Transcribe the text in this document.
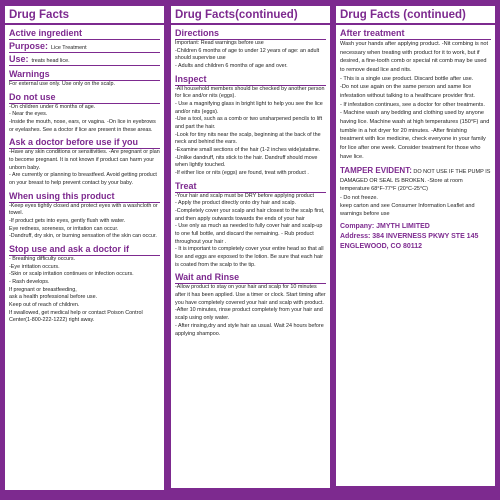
Drug Facts
Active ingredient
Purpose: Lice Treatment
Use: treats head lice.
Warnings

For external use only. Use only on the scalp.

Do not use

-On children under 6 months of age.

- Near the eyes.

-Inside the mouth, nose, ears, or vagina. -On lice in eyebrows or eyelashes. See a doctor if lice are present in these areas.

Ask a doctor before use if you

-Have any skin conditions or sensitivities. -Are pregnant or plan to become pregnant. It is not known if product can harm your unborn baby.

- Are currently or planning to breastfeed. Avoid getting product on your breast to help prevent contact by your baby.

When using this product

-Keep eyes tightly closed and protect eyes with a washcloth or towel.

-If product gets into eyes, gently flush with water.

Eye redness, soreness, or irritation can occur.

-Dandruff, dry skin, or burning sensation of the skin can occur.

Stop use and ask a doctor if

- Breathing difficulty occurs.

-Eye irritation occurs.

-Skin or scalp irritation continues or infection occurs.

- Rash develops.

If pregnant or breastfeeding,

ask a health professional before use.

Keep out of reach of children.

If swallowed, get medical help or contact Poison Control Center(1-800-222-1222) right away.

Drug Facts(continued)
Directions

Important: Read warnings before use

-Children 6 months of age to under 12 years of age: an adult should supervise use

- Adults and children 6 months of age and over.

Inspect

-All household members should be checked by another person for lice and/or nits (eggs).

- Use a magnifying glass in bright light to help you see the lice and/or nits (eggs).

-Use a tool, such as a comb or two unsharpened pencils to lift and part the hair.

-Look for tiny nits near the scalp, beginning at the back of the neck and behind the ears.

-Examine small sections of the hair (1-2 inches wide)atatime.

-Unlike dandruff, nits stick to the hair. Dandruff should move when lightly touched.

-If either lice or nits (eggs) are found, treat with product .

Treat

-Your hair and scalp must be DRY before applying product

- Apply the product directly onto dry hair and scalp.

-Completely cover your scalp and hair closest to the scalp first, and then apply outwards towards the ends of your hair

- Use only as much as needed to fully cover hair and scalp-up to one full bottle, and discard the remaining. - Rub product throughout your hair .

- It is important to completely cover your entire head so that all lice and eggs are exposed to the lotion. Be sure that each hair is coated from the scalp to the tip.

Wait and Rinse

-Allow product to stay on your hair and scalp for 10 minutes after it has been applied. Use a timer or clock. Start timing after you have completely covered your hair and scalp with product.

-After 10 minutes, rinse product completely from your hair and scalp using only water.

- After rinsing,dry and style hair as usual. Wait 24 hours before applying shampoo.

Drug Facts (continued)
After treatment

Wash your hands after applying product. -Nit combing is not necessary when treating with product for it to work, but if desired, a fine-tooth comb or special nit comb may be used to remove dead lice and nits.

- This is a single use product. Discard bottle after use.

-Do not use again on the same person and same lice infestation without talking to a healthcare provider first.

- If infestation continues, see a doctor for other treatments.

- Machine wash any bedding and clothing used by anyone having lice. Machine wash at high temperatures (150°F) and tumble in a hot dryer for 20 minutes. -After finishing treatment with lice medicine, check everyone in your family for lice after one week. Consider treatment for those who have lice.

TAMPER EVIDENT: DO NOT USE IF THE PUMP IS DAMAGED OR SEAL IS BROKEN. -Store at room temperature 68°F-77°F (20°C-25°C)

- Do not freeze.

keep carton and see Consumer Information Leaflet and warnings before use

Company: JMYTH LIMITED

Address: 384 INVERNESS PKWY STE 145

ENGLEWOOD, CO 80112
